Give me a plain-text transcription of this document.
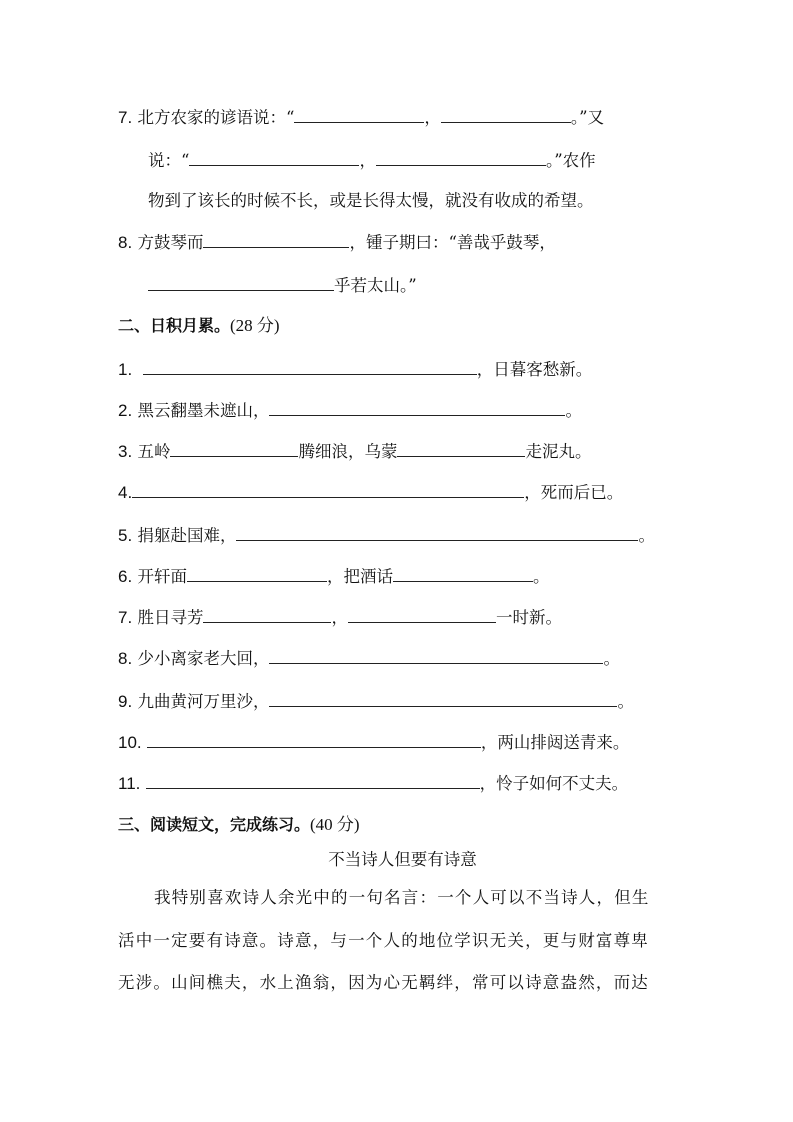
7. 北方农家的谚语说：“	，	。”又
说：“	，	。”农作
物到了该长的时候不长，或是长得太慢，就没有收成的希望。
8. 方鼓琴而	，锺子期曰：“善哉乎鼓琴，
乎若太山。”
二、日积月累。(28 分)
1.	，日暮客愁新。
2. 黑云翻墨未遮山，	。
3. 五岭	腾细浪，乌蒙	走泥丸。
4.	，死而后已。
5. 捐躯赴国难，	。
6. 开轩面	，把酒话	。
7. 胜日寻芳	，	一时新。
8. 少小离家老大回，	。
9. 九曲黄河万里沙，	。
10.	，两山排闼送青来。
11.	，怜子如何不丈夫。
三、阅读短文，完成练习。(40 分)
不当诗人但要有诗意
我特别喜欢诗人余光中的一句名言：一个人可以不当诗人，但生
活中一定要有诗意。诗意，与一个人的地位学识无关，更与财富尊卑
无涉。山间樵夫，水上渔翁，因为心无羁绊，常可以诗意盎然，而达
